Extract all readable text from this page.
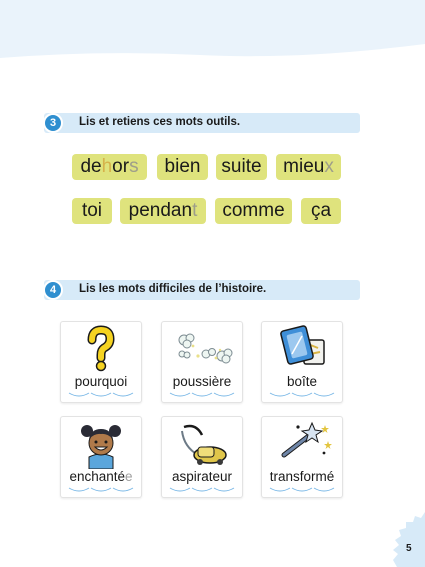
3	Lis et retiens ces mots outils.
dehors	bien	suite	mieux
toi	pendant	comme	ça
4	Lis les mots difficiles de l’histoire.
pourquoi	poussière	boîte
enchantée	aspirateur	transformé
5
